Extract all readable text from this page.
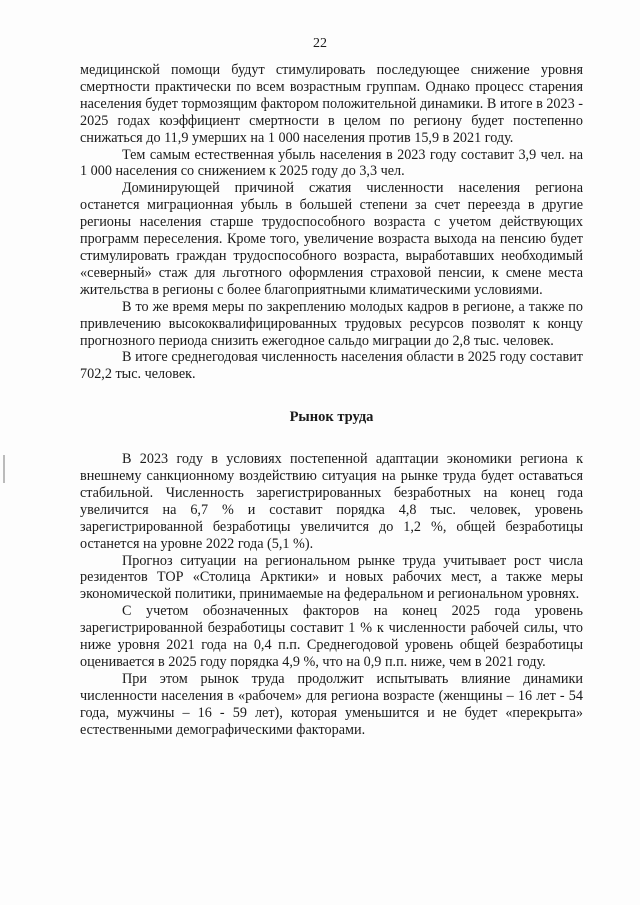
22

медицинской помощи будут стимулировать последующее снижение уровня смертности практически по всем возрастным группам. Однако процесс старения населения будет тормозящим фактором положительной динамики. В итоге в 2023 - 2025 годах коэффициент смертности в целом по региону будет постепенно снижаться до 11,9 умерших на 1 000 населения против 15,9 в 2021 году.

Тем самым естественная убыль населения в 2023 году составит 3,9 чел. на 1 000 населения со снижением к 2025 году до 3,3 чел.

Доминирующей причиной сжатия численности населения региона останется миграционная убыль в большей степени за счет переезда в другие регионы населения старше трудоспособного возраста с учетом действующих программ переселения. Кроме того, увеличение возраста выхода на пенсию будет стимулировать граждан трудоспособного возраста, выработавших необходимый «северный» стаж для льготного оформления страховой пенсии, к смене места жительства в регионы с более благоприятными климатическими условиями.

В то же время меры по закреплению молодых кадров в регионе, а также по привлечению высококвалифицированных трудовых ресурсов позволят к концу прогнозного периода снизить ежегодное сальдо миграции до 2,8 тыс. человек.

В итоге среднегодовая численность населения области в 2025 году составит 702,2 тыс. человек.

Рынок труда

В 2023 году в условиях постепенной адаптации экономики региона к внешнему санкционному воздействию ситуация на рынке труда будет оставаться стабильной. Численность зарегистрированных безработных на конец года увеличится на 6,7 % и составит порядка 4,8 тыс. человек, уровень зарегистрированной безработицы увеличится до 1,2 %, общей безработицы останется на уровне 2022 года (5,1 %).

Прогноз ситуации на региональном рынке труда учитывает рост числа резидентов ТОР «Столица Арктики» и новых рабочих мест, а также меры экономической политики, принимаемые на федеральном и региональном уровнях.

С учетом обозначенных факторов на конец 2025 года уровень зарегистрированной безработицы составит 1 % к численности рабочей силы, что ниже уровня 2021 года на 0,4 п.п. Среднегодовой уровень общей безработицы оценивается в 2025 году порядка 4,9 %, что на 0,9 п.п. ниже, чем в 2021 году.

При этом рынок труда продолжит испытывать влияние динамики численности населения в «рабочем» для региона возрасте (женщины – 16 лет - 54 года, мужчины – 16 - 59 лет), которая уменьшится и не будет «перекрыта» естественными демографическими факторами.
